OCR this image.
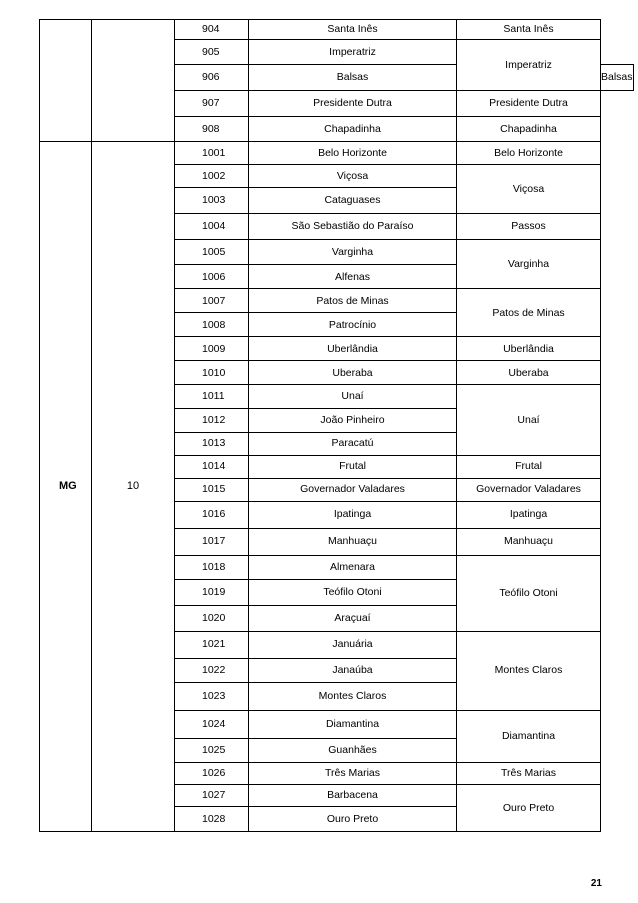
		904	Santa Inês	Santa Inês	
		905	Imperatriz	Imperatriz	
		906	Balsas		Balsas
		907	Presidente Dutra	Presidente Dutra	
		908	Chapadinha	Chapadinha	
MG	10	1001	Belo Horizonte	Belo Horizonte	
		1002	Viçosa	Viçosa	
		1003	Cataguases		
		1004	São Sebastião do Paraíso	Passos	
		1005	Varginha	Varginha	
		1006	Alfenas		
		1007	Patos de Minas	Patos de Minas	
		1008	Patrocínio		
		1009	Uberlândia	Uberlândia	
		1010	Uberaba	Uberaba	
		1011	Unaí	Unaí	
		1012	João Pinheiro		
		1013	Paracatú		
		1014	Frutal	Frutal	
		1015	Governador Valadares	Governador Valadares	
		1016	Ipatinga	Ipatinga	
		1017	Manhuaçu	Manhuaçu	
		1018	Almenara	Teófilo Otoni	
		1019	Teófilo Otoni		
		1020	Araçuaí		
		1021	Januária	Montes Claros	
		1022	Janaúba		
		1023	Montes Claros		
		1024	Diamantina	Diamantina	
		1025	Guanhães		
		1026	Três Marias	Três Marias	
		1027	Barbacena	Ouro Preto	
		1028	Ouro Preto		
21
